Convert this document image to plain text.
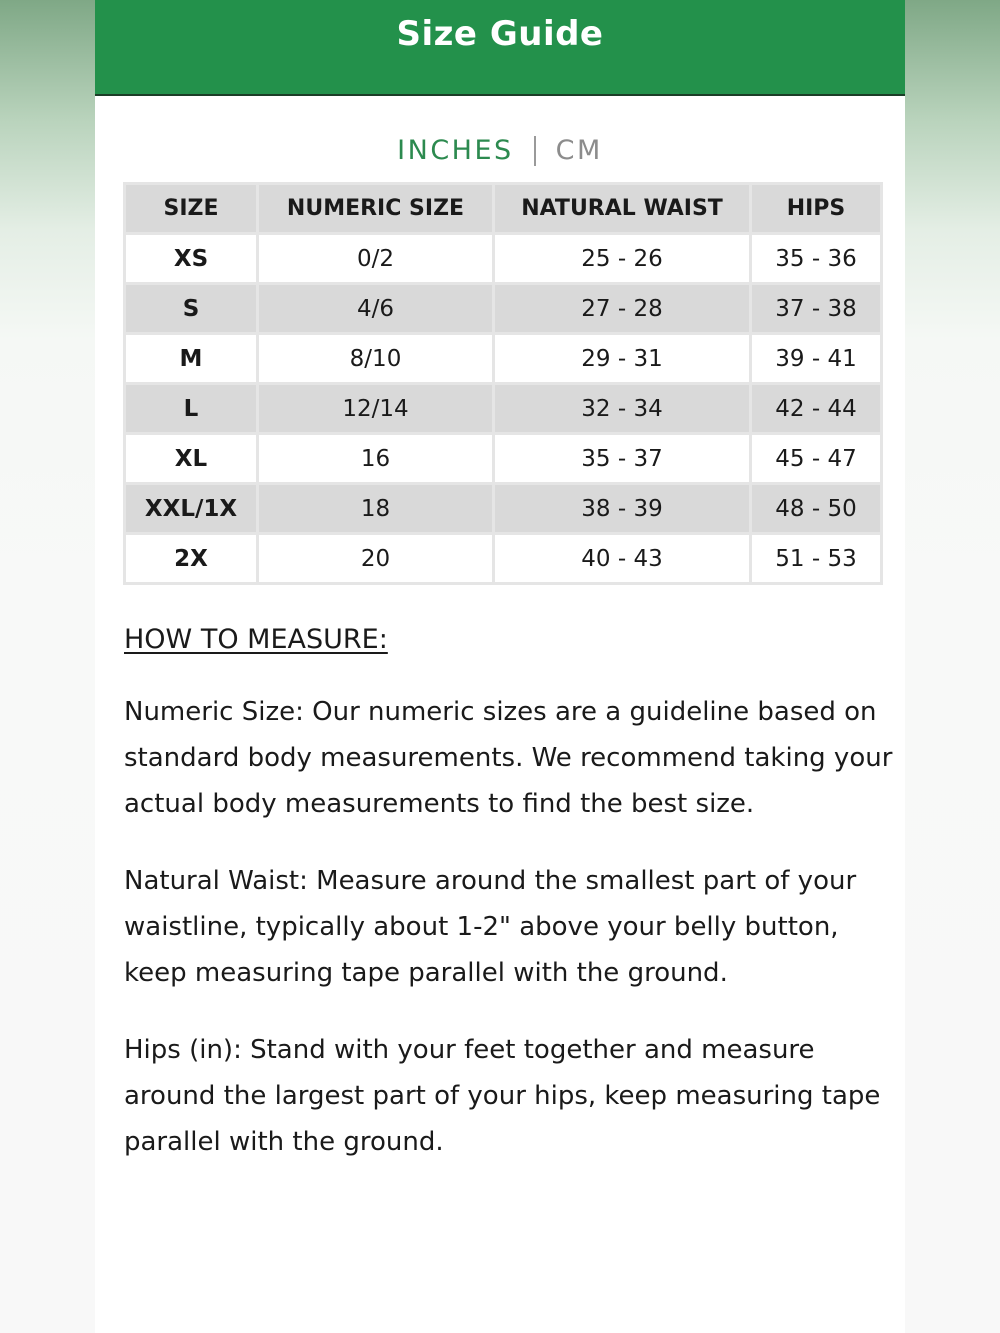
Size Guide
INCHES CM
SIZE	NUMERIC SIZE	NATURAL WAIST	HIPS
XS	0/2	25 - 26	35 - 36
S	4/6	27 - 28	37 - 38
M	8/10	29 - 31	39 - 41
L	12/14	32 - 34	42 - 44
XL	16	35 - 37	45 - 47
XXL/1X	18	38 - 39	48 - 50
2X	20	40 - 43	51 - 53
HOW TO MEASURE:

Numeric Size: Our numeric sizes are a guideline based on standard body measurements. We recommend taking your actual body measurements to find the best size.

Natural Waist: Measure around the smallest part of your waistline, typically about 1-2" above your belly button, keep measuring tape parallel with the ground.

Hips (in): Stand with your feet together and measure around the largest part of your hips, keep measuring tape parallel with the ground.
